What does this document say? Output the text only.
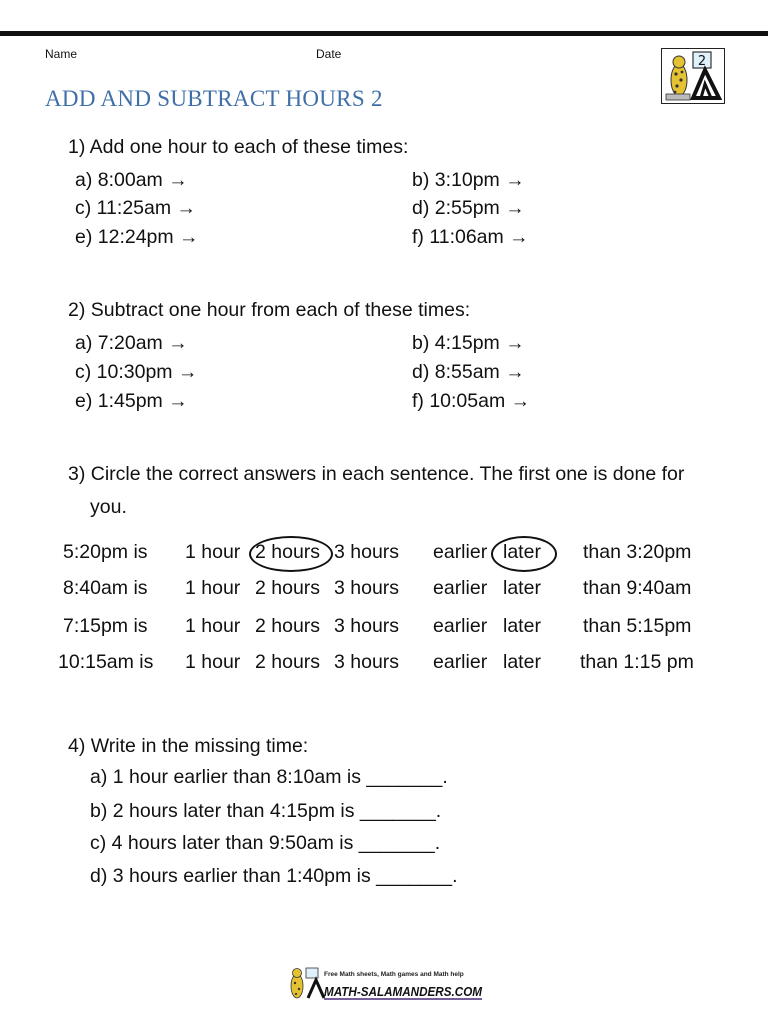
Name	Date
ADD AND SUBTRACT HOURS 2
2
1) Add one hour to each of these times:
a) 8:00am →	b) 3:10pm →
c) 11:25am →	d) 2:55pm →
e) 12:24pm →	f) 11:06am →
2) Subtract one hour from each of these times:
a) 7:20am →	b) 4:15pm →
c) 10:30pm →	d) 8:55am →
e) 1:45pm →	f) 10:05am →
3) Circle the correct answers in each sentence. The first one is done for
you.
5:20pm is 1 hour 2 hours 3 hours earlier later than 3:20pm
8:40am is 1 hour 2 hours 3 hours earlier later than 9:40am
7:15pm is 1 hour 2 hours 3 hours earlier later than 5:15pm
10:15am is 1 hour 2 hours 3 hours earlier later than 1:15 pm
4) Write in the missing time:
a) 1 hour earlier than 8:10am is _______.
b) 2 hours later than 4:15pm is _______.
c) 4 hours later than 9:50am is _______.
d) 3 hours earlier than 1:40pm is _______.
Free Math sheets, Math games and Math help
MATH-SALAMANDERS.COM
